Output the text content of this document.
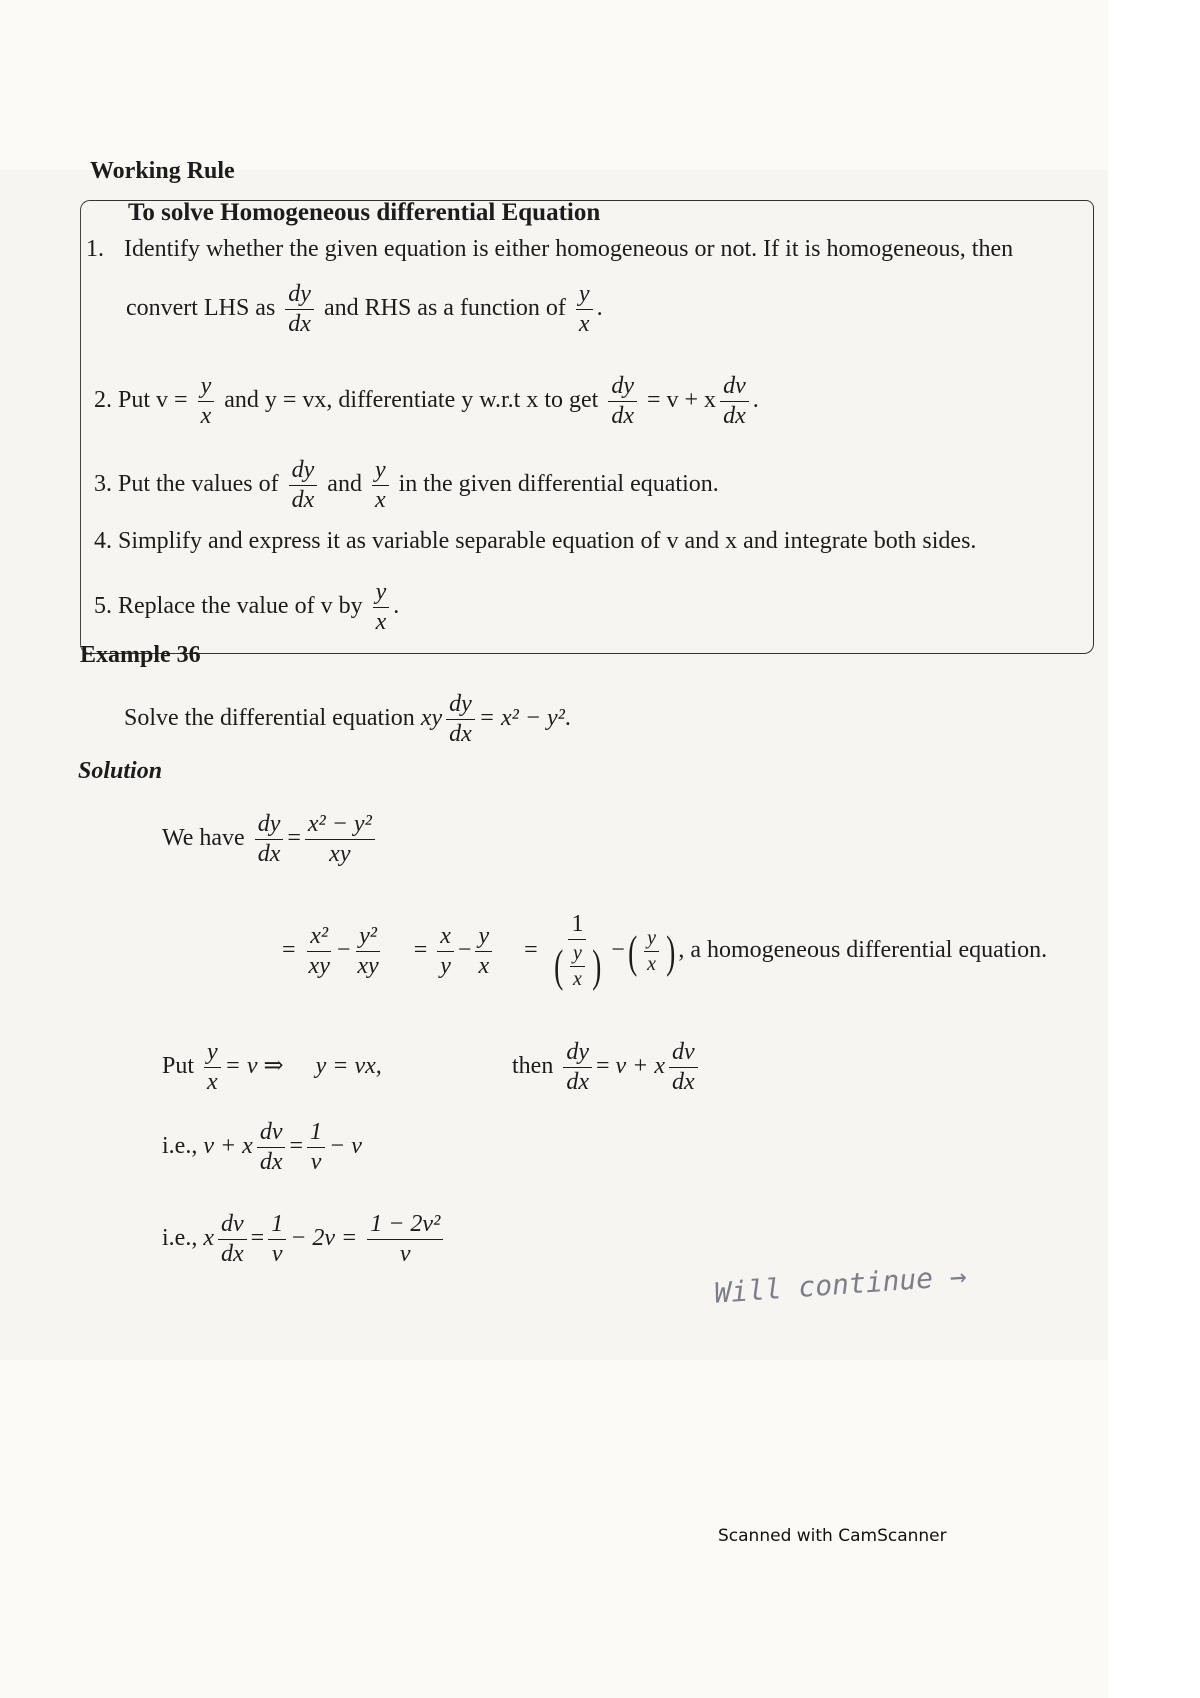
Working Rule
To solve Homogeneous differential Equation
1. Identify whether the given equation is either homogeneous or not. If it is homogeneous, then
convert LHS as $\frac{dy}{dx}$ and RHS as a function of $\frac{y}{x}$ .
2. Put $v = \frac{y}{x}$ and y = vx, differentiate y w.r.t x to get $\frac{dy}{dx} = v + x \frac{dv}{dx}$ .
3. Put the values of $\frac{dy}{dx}$ and $\frac{y}{x}$ in the given differential equation.
4. Simplify and express it as variable separable equation of v and x and integrate both sides.
5. Replace the value of v by $\frac{y}{x}$ .
Example 36
Solve the differential equation xy $\frac{dy}{dx} = x^2 - y^2$.
Solution
We have $\frac{dy}{dx} = \frac{\text{x² − y²}}{xy}$
= $\frac{\text{x²}}{xy} - \frac{\text{y²}}{xy} = \frac{x}{y} - \frac{y}{x} = \frac{1}{( \frac{y}{x} )}$ − ( $\frac{y}{x}$ ) , a homogeneous differential equation.
Put $\frac{y}{x} = v$ ⇒ y = vx,	then $\frac{dy}{dx} = v + x \frac{dv}{dx}$
i.e., v + x $\frac{dv}{dx} = \frac{1}{v} - v$
i.e., x $\frac{dv}{dx} = \frac{1}{v} - 2v = \frac{\text{1 − 2v²}}{v}$
Will continue →
Scanned with CamScanner
